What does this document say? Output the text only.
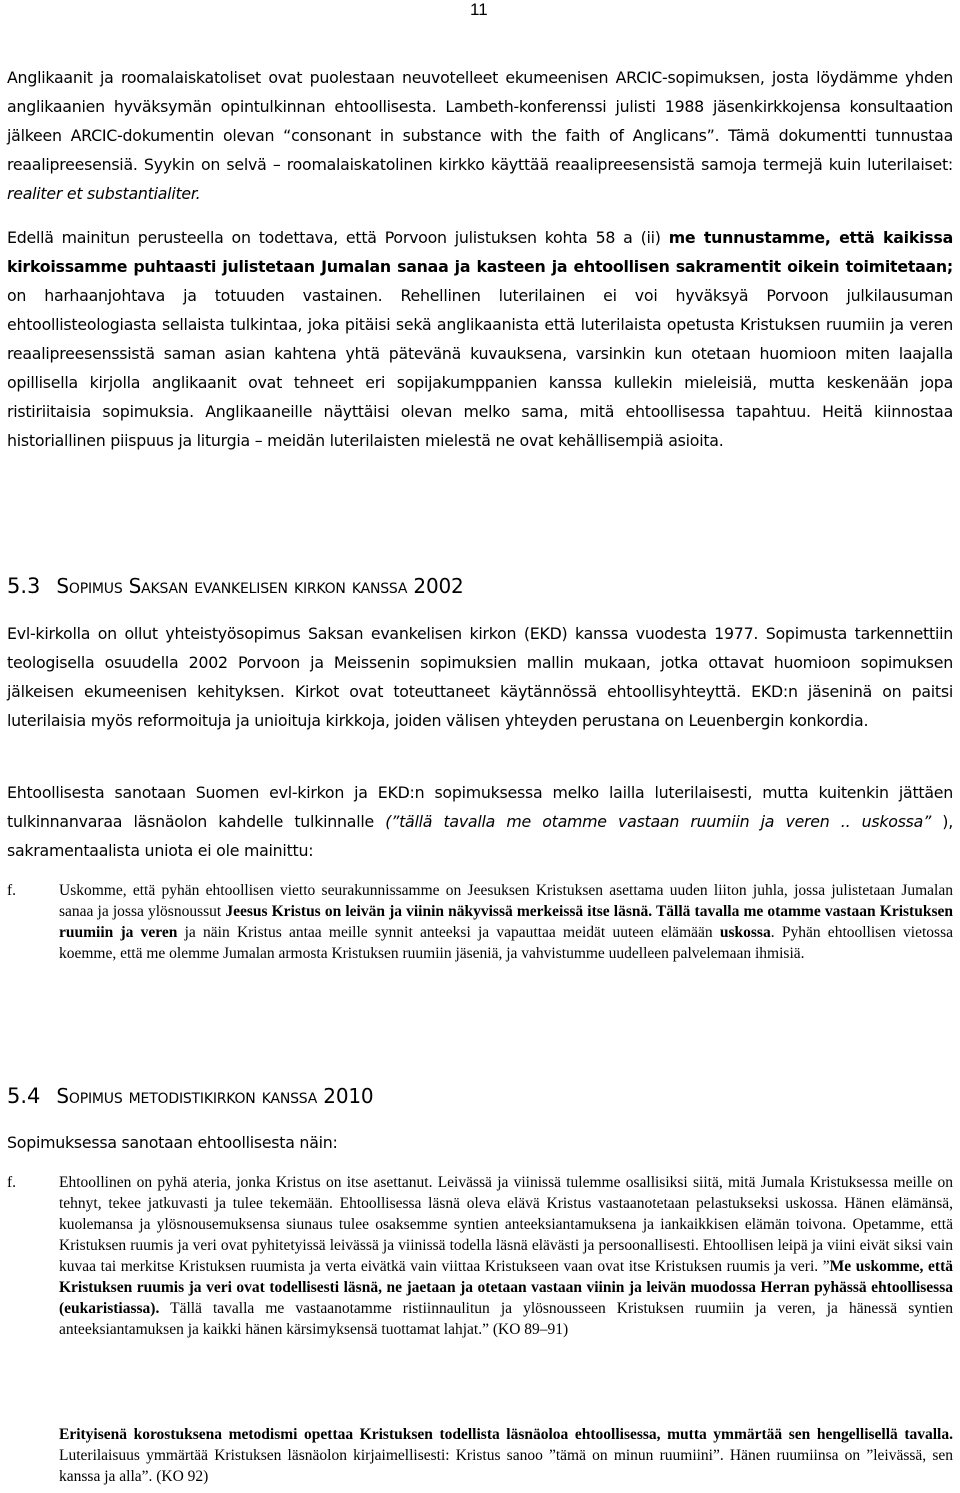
11

Anglikaanit ja roomalaiskatoliset ovat puolestaan neuvotelleet ekumeenisen ARCIC-sopimuksen, josta löydämme yhden anglikaanien hyväksymän opintulkinnan ehtoollisesta. Lambeth-konferenssi julisti 1988 jäsenkirkkojensa konsultaation jälkeen ARCIC-dokumentin olevan “consonant in substance with the faith of Anglicans”. Tämä dokumentti tunnustaa reaalipreesensiä. Syykin on selvä – roomalaiskatolinen kirkko käyttää reaalipreesensistä samoja termejä kuin luterilaiset: realiter et substantialiter.

Edellä mainitun perusteella on todettava, että Porvoon julistuksen kohta 58 a (ii) me tunnustamme, että kaikissa kirkoissamme puhtaasti julistetaan Jumalan sanaa ja kasteen ja ehtoollisen sakramentit oikein toimitetaan; on harhaanjohtava ja totuuden vastainen. Rehellinen luterilainen ei voi hyväksyä Porvoon julkilausuman ehtoollisteologiasta sellaista tulkintaa, joka pitäisi sekä anglikaanista että luterilaista opetusta Kristuksen ruumiin ja veren reaalipreesenssistä saman asian kahtena yhtä pätevänä kuvauksena, varsinkin kun otetaan huomioon miten laajalla opillisella kirjolla anglikaanit ovat tehneet eri sopijakumppanien kanssa kullekin mieleisiä, mutta keskenään jopa ristiriitaisia sopimuksia. Anglikaaneille näyttäisi olevan melko sama, mitä ehtoollisessa tapahtuu. Heitä kiinnostaa historiallinen piispuus ja liturgia – meidän luterilaisten mielestä ne ovat kehällisempiä asioita.

5.3 Sopimus Saksan evankelisen kirkon kanssa 2002

Evl-kirkolla on ollut yhteistyösopimus Saksan evankelisen kirkon (EKD) kanssa vuodesta 1977. Sopimusta tarkennettiin teologisella osuudella 2002 Porvoon ja Meissenin sopimuksien mallin mukaan, jotka ottavat huomioon sopimuksen jälkeisen ekumeenisen kehityksen. Kirkot ovat toteuttaneet käytännössä ehtoollisyhteyttä. EKD:n jäseninä on paitsi luterilaisia myös reformoituja ja unioituja kirkkoja, joiden välisen yhteyden perustana on Leuenbergin konkordia.

Ehtoollisesta sanotaan Suomen evl-kirkon ja EKD:n sopimuksessa melko lailla luterilaisesti, mutta kuitenkin jättäen tulkinnanvaraa läsnäolon kahdelle tulkinnalle (”tällä tavalla me otamme vastaan ruumiin ja veren .. uskossa” ), sakramentaalista uniota ei ole mainittu:

f.	Uskomme, että pyhän ehtoollisen vietto seurakunnissamme on Jeesuksen Kristuksen asettama uuden liiton juhla, jossa julistetaan Jumalan sanaa ja jossa ylösnoussut Jeesus Kristus on leivän ja viinin näkyvissä merkeissä itse läsnä. Tällä tavalla me otamme vastaan Kristuksen ruumiin ja veren ja näin Kristus antaa meille synnit anteeksi ja vapauttaa meidät uuteen elämään uskossa. Pyhän ehtoollisen vietossa koemme, että me olemme Jumalan armosta Kristuksen ruumiin jäseniä, ja vahvistumme uudelleen palvelemaan ihmisiä.
5.4 Sopimus metodistikirkon kanssa 2010

Sopimuksessa sanotaan ehtoollisesta näin:

f.	Ehtoollinen on pyhä ateria, jonka Kristus on itse asettanut. Leivässä ja viinissä tulemme osallisiksi siitä, mitä Jumala Kristuksessa meille on tehnyt, tekee jatkuvasti ja tulee tekemään. Ehtoollisessa läsnä oleva elävä Kristus vastaanotetaan pelastukseksi uskossa. Hänen elämänsä, kuolemansa ja ylösnousemuksensa siunaus tulee osaksemme syntien anteeksiantamuksena ja iankaikkisen elämän toivona. Opetamme, että Kristuksen ruumis ja veri ovat pyhitetyissä leivässä ja viinissä todella läsnä elävästi ja persoonallisesti. Ehtoollisen leipä ja viini eivät siksi vain kuvaa tai merkitse Kristuksen ruumista ja verta eivätkä vain viittaa Kristukseen vaan ovat itse Kristuksen ruumis ja veri. ”Me uskomme, että Kristuksen ruumis ja veri ovat todellisesti läsnä, ne jaetaan ja otetaan vastaan viinin ja leivän muodossa Herran pyhässä ehtoollisessa (eukaristiassa). Tällä tavalla me vastaanotamme ristiinnaulitun ja ylösnousseen Kristuksen ruumiin ja veren, ja hänessä syntien anteeksiantamuksen ja kaikki hänen kärsimyksensä tuottamat lahjat.” (KO 89–91)
Erityisenä korostuksena metodismi opettaa Kristuksen todellista läsnäoloa ehtoollisessa, mutta ymmärtää sen hengellisellä tavalla. Luterilaisuus ymmärtää Kristuksen läsnäolon kirjaimellisesti: Kristus sanoo ”tämä on minun ruumiini”. Hänen ruumiinsa on ”leivässä, sen kanssa ja alla”. (KO 92)
